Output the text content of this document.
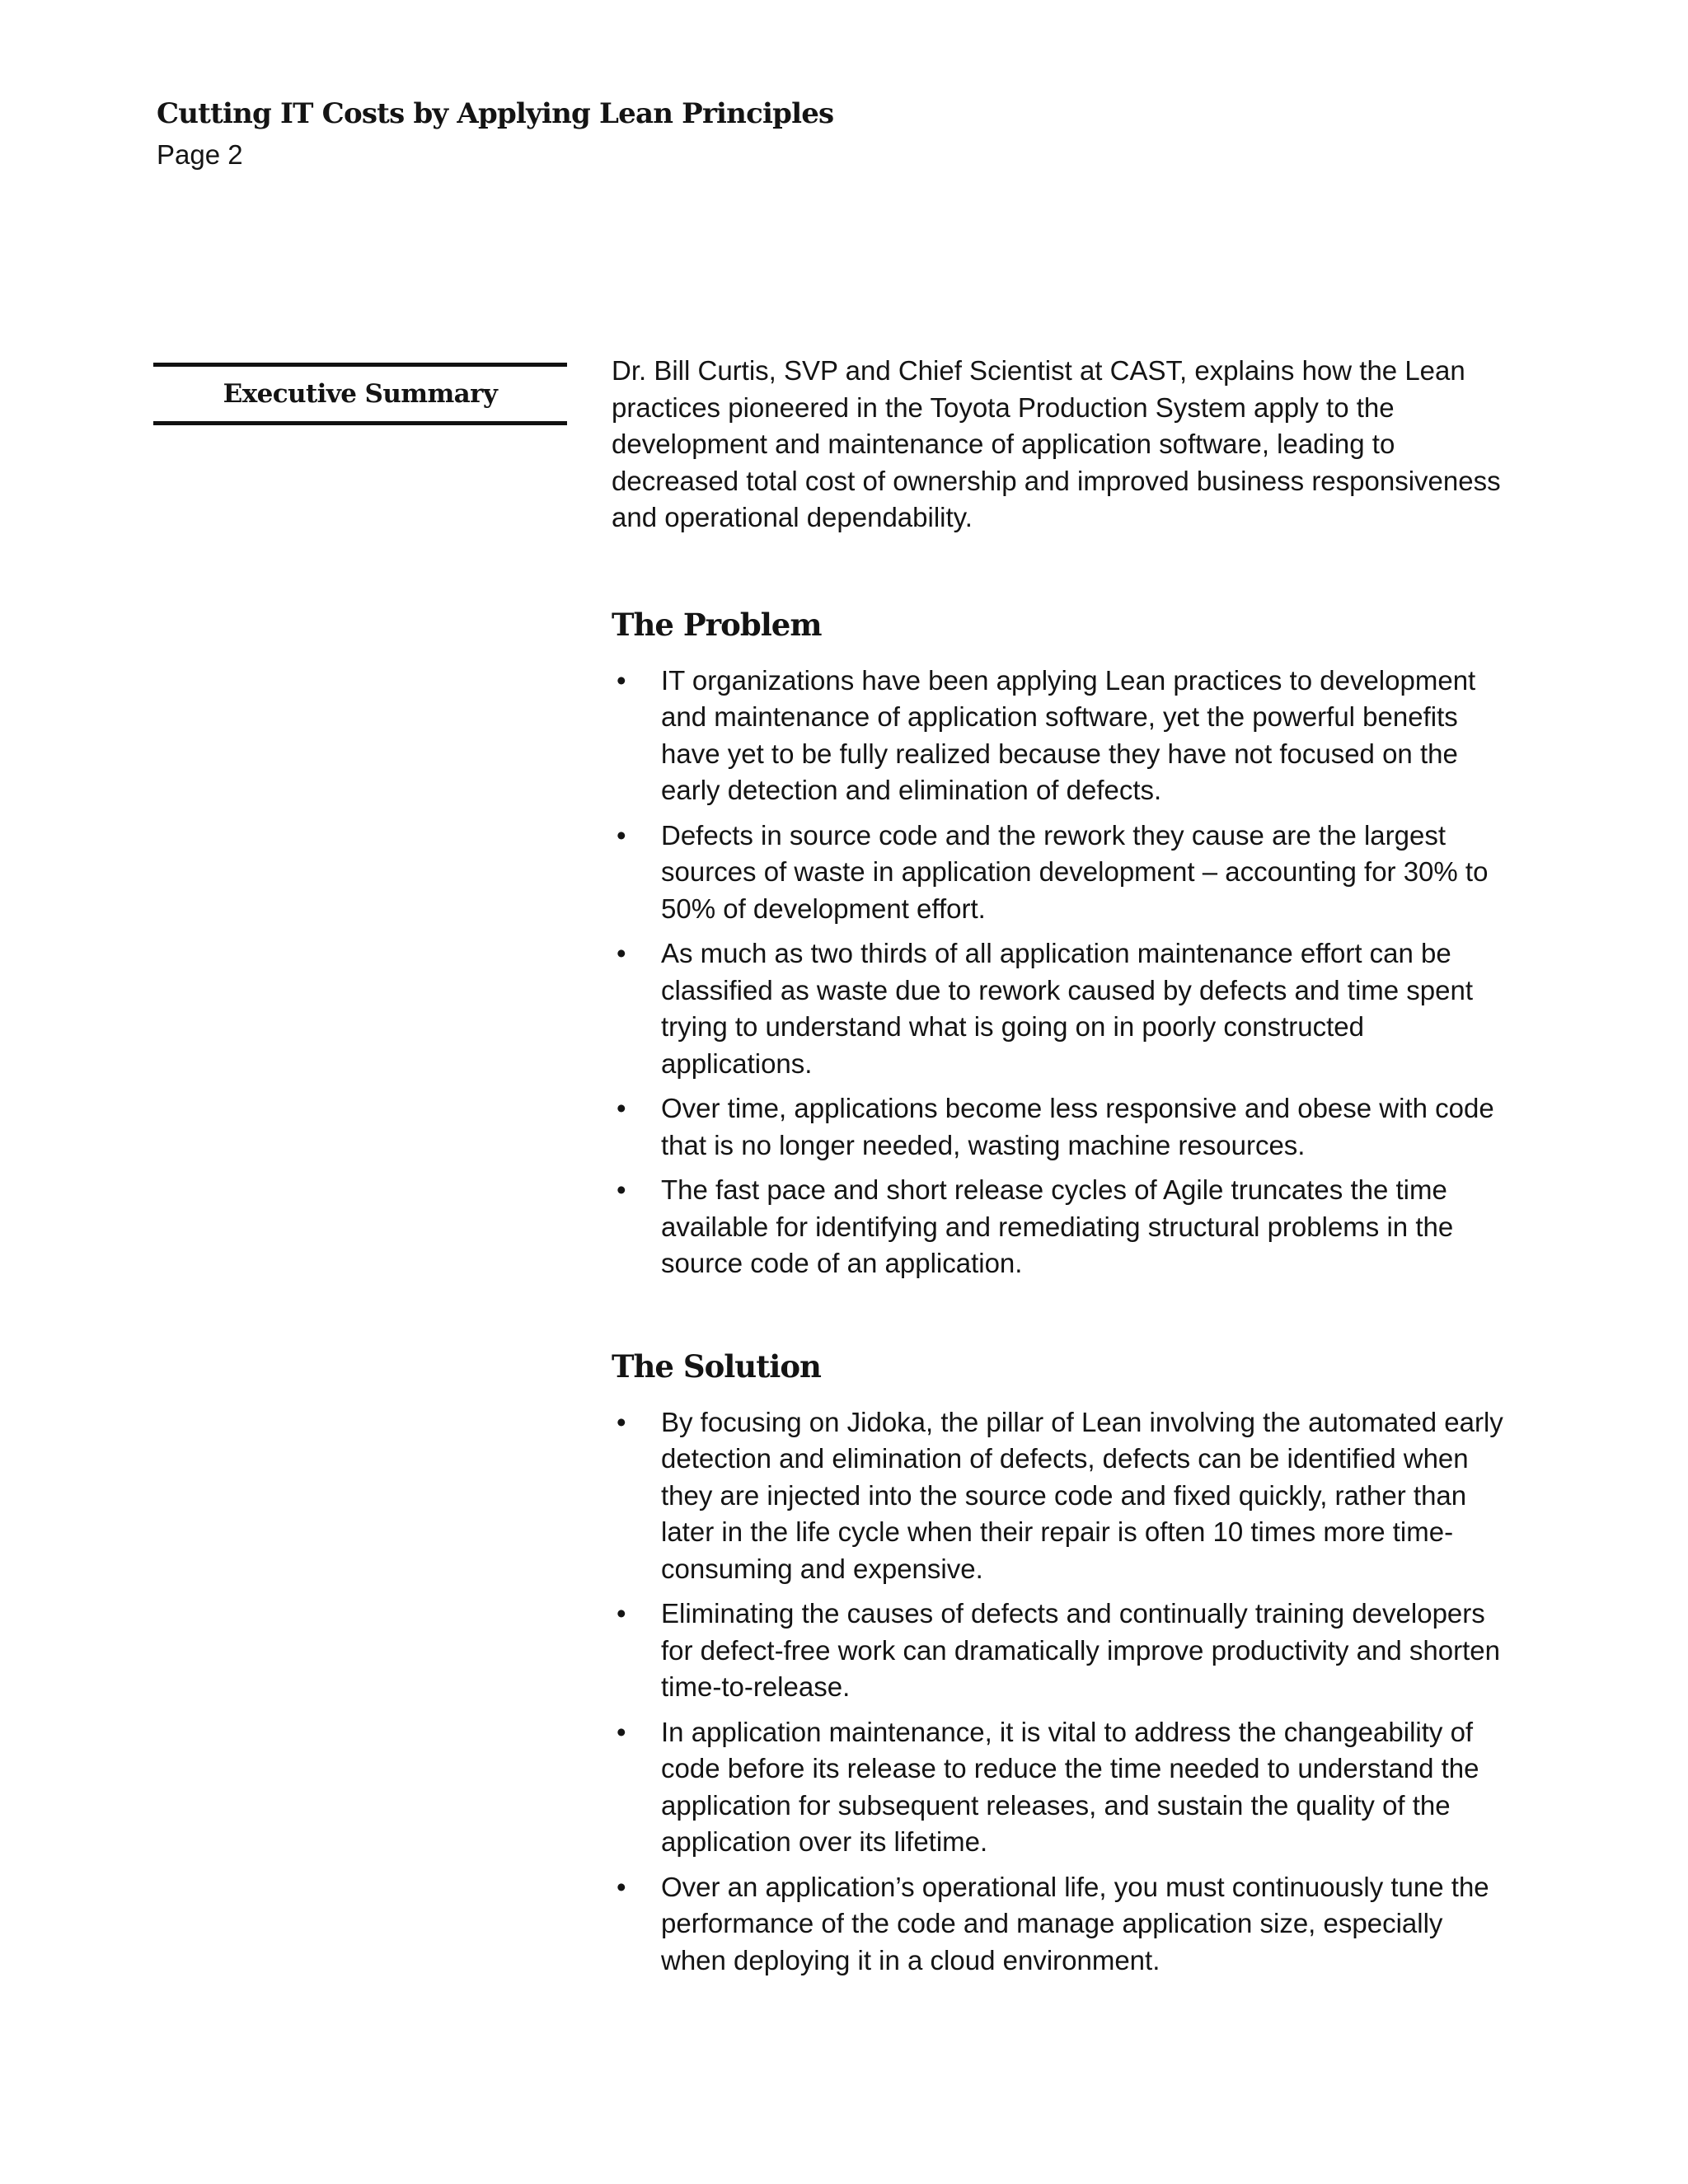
Cutting IT Costs by Applying Lean Principles
Page 2
Executive Summary

Dr. Bill Curtis, SVP and Chief Scientist at CAST, explains how the Lean practices pioneered in the Toyota Production System apply to the development and maintenance of application software, leading to decreased total cost of ownership and improved business responsiveness and operational dependability.

The Problem
• IT organizations have been applying Lean practices to development and maintenance of application software, yet the powerful benefits have yet to be fully realized because they have not focused on the early detection and elimination of defects.
• Defects in source code and the rework they cause are the largest sources of waste in application development – accounting for 30% to 50% of development effort.
• As much as two thirds of all application maintenance effort can be classified as waste due to rework caused by defects and time spent trying to understand what is going on in poorly constructed applications.
• Over time, applications become less responsive and obese with code that is no longer needed, wasting machine resources.
• The fast pace and short release cycles of Agile truncates the time available for identifying and remediating structural problems in the source code of an application.
The Solution
• By focusing on Jidoka, the pillar of Lean involving the automated early detection and elimination of defects, defects can be identified when they are injected into the source code and fixed quickly, rather than later in the life cycle when their repair is often 10 times more time-consuming and expensive.
• Eliminating the causes of defects and continually training developers for defect-free work can dramatically improve productivity and shorten time-to-release.
• In application maintenance, it is vital to address the changeability of code before its release to reduce the time needed to understand the application for subsequent releases, and sustain the quality of the application over its lifetime.
• Over an application’s operational life, you must continuously tune the performance of the code and manage application size, especially when deploying it in a cloud environment.
